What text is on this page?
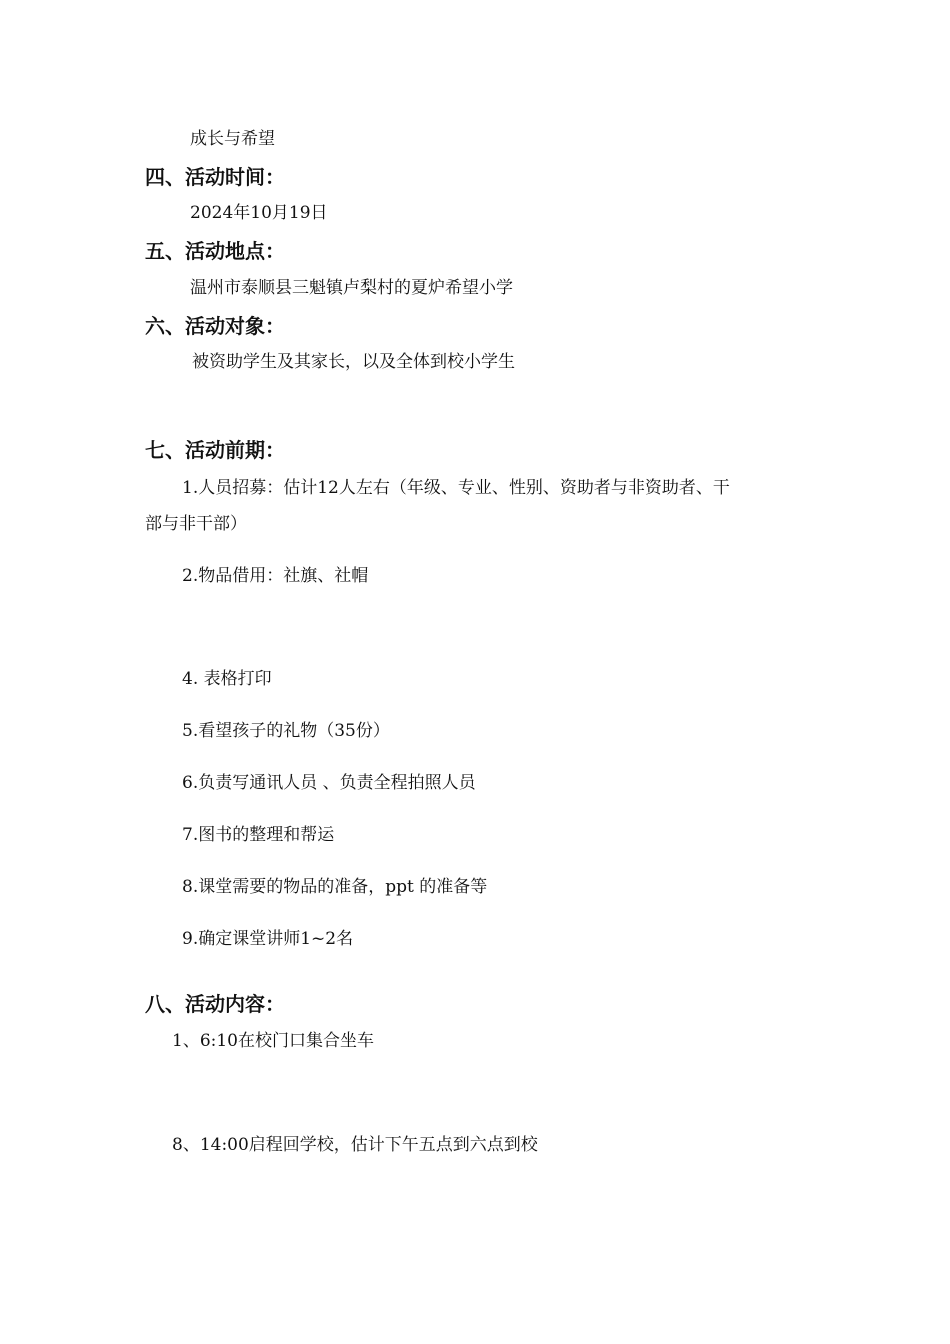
成长与希望
四、活动时间：
2024年10月19日
五、活动地点：
温州市泰顺县三魁镇卢梨村的夏炉希望小学
六、活动对象：
被资助学生及其家长，以及全体到校小学生
七、活动前期：
1.人员招募：估计12人左右（年级、专业、性别、资助者与非资助者、干
部与非干部）
2.物品借用：社旗、社帽
4. 表格打印
5.看望孩子的礼物（35份）
6.负责写通讯人员 、负责全程拍照人员
7.图书的整理和帮运
8.课堂需要的物品的准备，ppt 的准备等
9.确定课堂讲师1~2名
八、活动内容：
1、6:10在校门口集合坐车
8、14:00启程回学校，估计下午五点到六点到校
